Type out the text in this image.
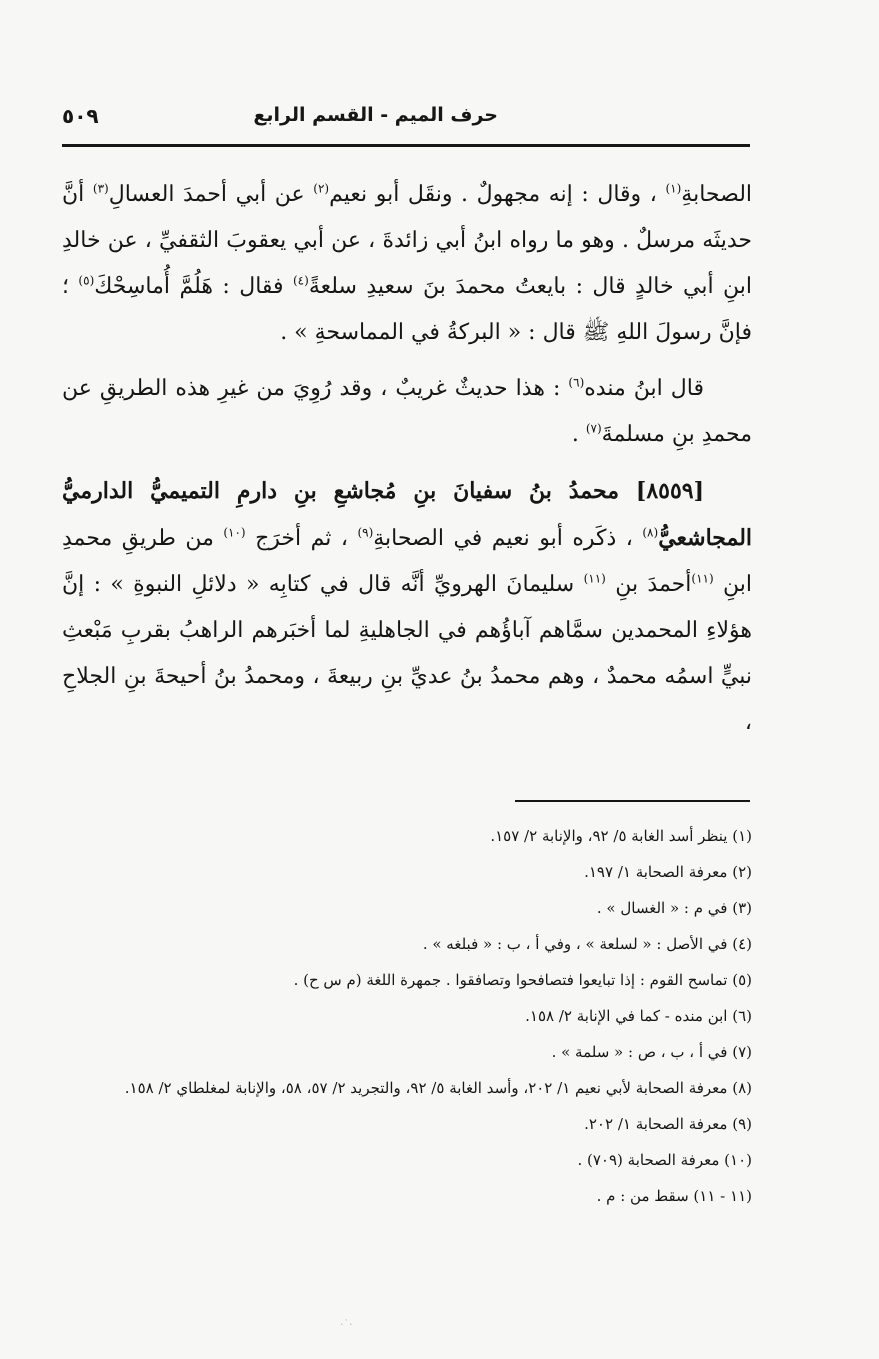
حرف الميم - القسم الرابع
٥٠٩

الصحابةِ$^{(١)}$ ، وقال : إنه مجهولٌ . ونقَل أبو نعيم$^{(٢)}$ عن أبي أحمدَ العسالِ$^{(٣)}$ أنَّ حديثَه مرسلٌ . وهو ما رواه ابنُ أبي زائدةَ ، عن أبي يعقوبَ الثقفيِّ ، عن خالدِ ابنِ أبي خالدٍ قال : بايعتُ محمدَ بنَ سعيدِ سلعةً$^{(٤)}$ فقال : هَلُمَّ أُماسِحْكَ$^{(٥)}$ ؛ فإنَّ رسولَ اللهِ ﷺ قال : « البركةُ في المماسحةِ » .

قال ابنُ منده$^{(٦)}$ : هذا حديثٌ غريبٌ ، وقد رُوِيَ من غيرِ هذه الطريقِ عن محمدِ بنِ مسلمةَ$^{(٧)}$ .

[٨٥٥٩] محمدُ بنُ سفيانَ بنِ مُجاشعِ بنِ دارمِ التميميُّ الدارميُّ المجاشعيُّ$^{(٨)}$ ، ذكَره أبو نعيم في الصحابةِ$^{(٩)}$ ، ثم أخرَج $^{(١٠)}$ من طريقِ محمدِ ابنِ $^{(١١)}$أحمدَ بنِ $^{(١١)}$ سليمانَ الهرويِّ أنَّه قال في كتابِه « دلائلِ النبوةِ » : إنَّ هؤلاءِ المحمدين سمَّاهم آباؤُهم في الجاهليةِ لما أخبَرهم الراهبُ بقربِ مَبْعثِ نبيٍّ اسمُه محمدٌ ، وهم محمدُ بنُ عديِّ بنِ ربيعةَ ، ومحمدُ بنُ أحيحةَ بنِ الجلاحِ ،

(١) ينظر أسد الغابة ٥/ ٩٢، والإنابة ٢/ ١٥٧.

(٢) معرفة الصحابة ١/ ١٩٧.

(٣) في م : « الغسال » .

(٤) في الأصل : « لسلعة » ، وفي أ ، ب : « فبلغه » .

(٥) تماسح القوم : إذا تبايعوا فتصافحوا وتصافقوا . جمهرة اللغة (م س ح) .

(٦) ابن منده - كما في الإنابة ٢/ ١٥٨.

(٧) في أ ، ب ، ص : « سلمة » .

(٨) معرفة الصحابة لأبي نعيم ١/ ٢٠٢، وأسد الغابة ٥/ ٩٢، والتجريد ٢/ ٥٧، ٥٨، والإنابة لمغلطاي ٢/ ١٥٨.

(٩) معرفة الصحابة ١/ ٢٠٢.

(١٠) معرفة الصحابة (٧٠٩) .

(١١ - ١١) سقط من : م .

·˙·
